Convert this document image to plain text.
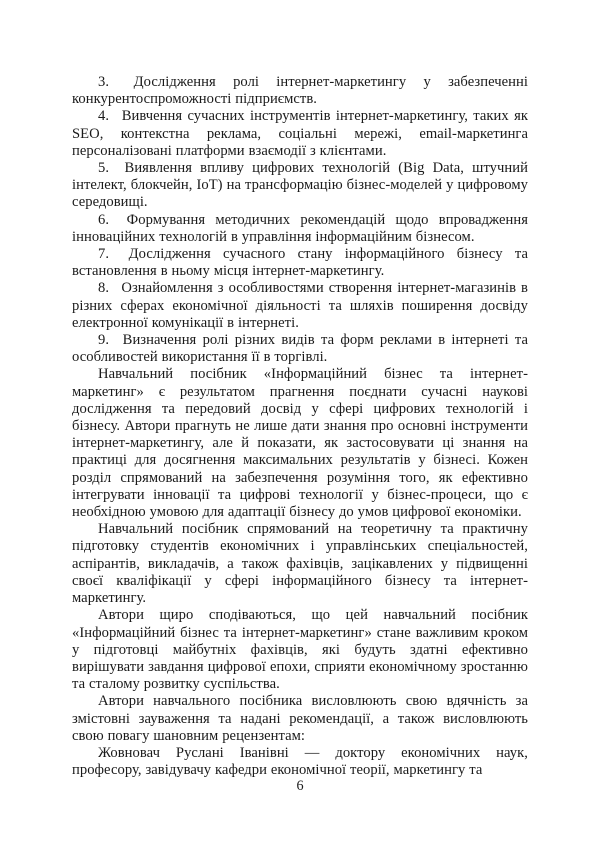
3.  Дослідження ролі інтернет-маркетингу у забезпеченні конкурентоспроможності підприємств.

4.  Вивчення сучасних інструментів інтернет-маркетингу, таких як SEO, контекстна реклама, соціальні мережі, email-маркетинга персоналізовані платформи взаємодії з клієнтами.

5.  Виявлення впливу цифрових технологій (Big Data, штучний інтелект, блокчейн, IoT) на трансформацію бізнес-моделей у цифровому середовищі.

6.  Формування методичних рекомендацій щодо впровадження інноваційних технологій в управління інформаційним бізнесом.

7.  Дослідження сучасного стану інформаційного бізнесу та встановлення в ньому місця інтернет-маркетингу.

8.  Ознайомлення з особливостями створення інтернет-магазинів в різних сферах економічної діяльності та шляхів поширення досвіду електронної комунікації в інтернеті.

9.  Визначення ролі різних видів та форм реклами в інтернеті та особливостей використання її в торгівлі.

Навчальний посібник «Інформаційний бізнес та інтернет-маркетинг» є результатом прагнення поєднати сучасні наукові дослідження та передовий досвід у сфері цифрових технологій і бізнесу. Автори прагнуть не лише дати знання про основні інструменти інтернет-маркетингу, але й показати, як застосовувати ці знання на практиці для досягнення максимальних результатів у бізнесі. Кожен розділ спрямований на забезпечення розуміння того, як ефективно інтегрувати інновації та цифрові технології у бізнес-процеси, що є необхідною умовою для адаптації бізнесу до умов цифрової економіки.

Навчальний посібник спрямований на теоретичну та практичну підготовку студентів економічних і управлінських спеціальностей, аспірантів, викладачів, а також фахівців, зацікавлених у підвищенні своєї кваліфікації у сфері інформаційного бізнесу та інтернет-маркетингу.

Автори щиро сподіваються, що цей навчальний посібник «Інформаційний бізнес та інтернет-маркетинг» стане важливим кроком у підготовці майбутніх фахівців, які будуть здатні ефективно вирішувати завдання цифрової епохи, сприяти економічному зростанню та сталому розвитку суспільства.

Автори навчального посібника висловлюють свою вдячність за змістовні зауваження та надані рекомендації, а також висловлюють свою повагу шановним рецензентам:

Жовновач Руслані Іванівні — доктору економічних наук, професору, завідувачу кафедри економічної теорії, маркетингу та

6
